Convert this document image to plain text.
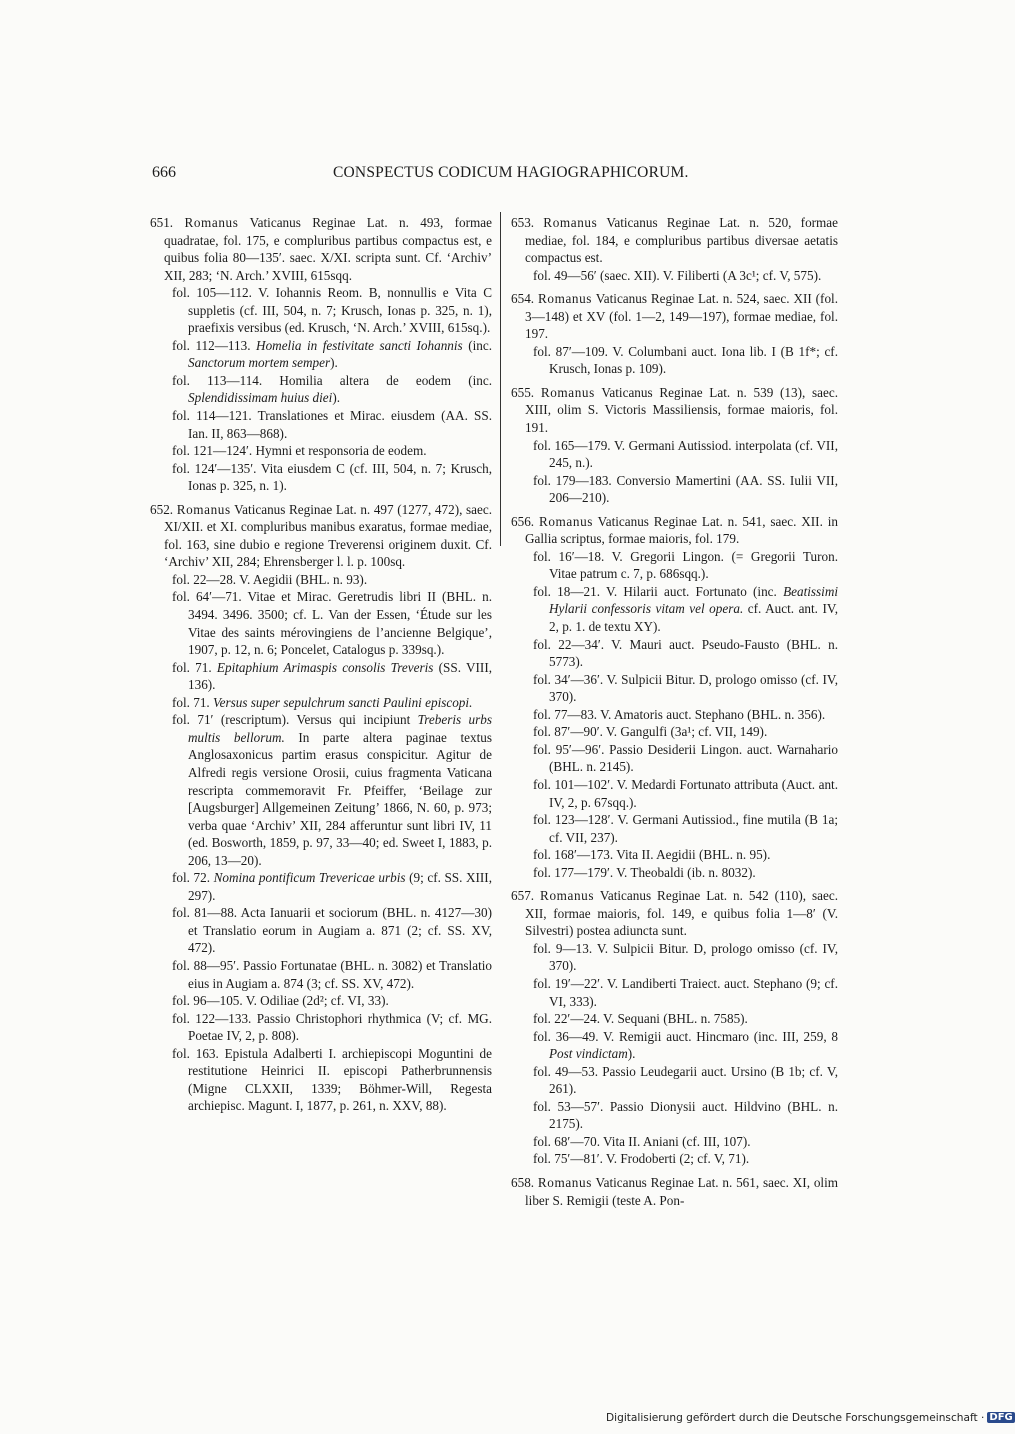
666	CONSPECTUS CODICUM HAGIOGRAPHICORUM.
651. Romanus Vaticanus Reginae Lat. n. 493, formae quadratae, fol. 175, e compluribus partibus compactus est, e quibus folia 80—135′. saec. X/XI. scripta sunt. Cf. ‘Archiv’ XII, 283; ‘N. Arch.’ XVIII, 615sqq.
fol. 105—112. V. Iohannis Reom. B, nonnullis e Vita C suppletis (cf. III, 504, n. 7; Krusch, Ionas p. 325, n. 1), praefixis versibus (ed. Krusch, ‘N. Arch.’ XVIII, 615sq.).
fol. 112—113. Homelia in festivitate sancti Iohannis (inc. Sanctorum mortem semper).
fol. 113—114. Homilia altera de eodem (inc. Splendidissimam huius diei).
fol. 114—121. Translationes et Mirac. eiusdem (AA. SS. Ian. II, 863—868).
fol. 121—124′. Hymni et responsoria de eodem.
fol. 124′—135′. Vita eiusdem C (cf. III, 504, n. 7; Krusch, Ionas p. 325, n. 1).
652. Romanus Vaticanus Reginae Lat. n. 497 (1277, 472), saec. XI/XII. et XI. compluribus manibus exaratus, formae mediae, fol. 163, sine dubio e regione Treverensi originem duxit. Cf. ‘Archiv’ XII, 284; Ehrensberger l. l. p. 100sq.
fol. 22—28. V. Aegidii (BHL. n. 93).
fol. 64′—71. Vitae et Mirac. Geretrudis libri II (BHL. n. 3494. 3496. 3500; cf. L. Van der Essen, ‘Étude sur les Vitae des saints mérovingiens de l’ancienne Belgique’, 1907, p. 12, n. 6; Poncelet, Catalogus p. 339sq.).
fol. 71. Epitaphium Arimaspis consolis Treveris (SS. VIII, 136).
fol. 71. Versus super sepulchrum sancti Paulini episcopi.
fol. 71′ (rescriptum). Versus qui incipiunt Treberis urbs multis bellorum. In parte altera paginae textus Anglosaxonicus partim erasus conspicitur. Agitur de Alfredi regis versione Orosii, cuius fragmenta Vaticana rescripta commemoravit Fr. Pfeiffer, ‘Beilage zur [Augsburger] Allgemeinen Zeitung’ 1866, N. 60, p. 973; verba quae ‘Archiv’ XII, 284 afferuntur sunt libri IV, 11 (ed. Bosworth, 1859, p. 97, 33—40; ed. Sweet I, 1883, p. 206, 13—20).
fol. 72. Nomina pontificum Trevericae urbis (9; cf. SS. XIII, 297).
fol. 81—88. Acta Ianuarii et sociorum (BHL. n. 4127—30) et Translatio eorum in Augiam a. 871 (2; cf. SS. XV, 472).
fol. 88—95′. Passio Fortunatae (BHL. n. 3082) et Translatio eius in Augiam a. 874 (3; cf. SS. XV, 472).
fol. 96—105. V. Odiliae (2d²; cf. VI, 33).
fol. 122—133. Passio Christophori rhythmica (V; cf. MG. Poetae IV, 2, p. 808).
fol. 163. Epistula Adalberti I. archiepiscopi Moguntini de restitutione Heinrici II. episcopi Patherbrunnensis (Migne CLXXII, 1339; Böhmer-Will, Regesta archiepisc. Magunt. I, 1877, p. 261, n. XXV, 88).
653. Romanus Vaticanus Reginae Lat. n. 520, formae mediae, fol. 184, e compluribus partibus diversae aetatis compactus est.
fol. 49—56′ (saec. XII). V. Filiberti (A 3c¹; cf. V, 575).
654. Romanus Vaticanus Reginae Lat. n. 524, saec. XII (fol. 3—148) et XV (fol. 1—2, 149—197), formae mediae, fol. 197.
fol. 87′—109. V. Columbani auct. Iona lib. I (B 1f*; cf. Krusch, Ionas p. 109).
655. Romanus Vaticanus Reginae Lat. n. 539 (13), saec. XIII, olim S. Victoris Massiliensis, formae maioris, fol. 191.
fol. 165—179. V. Germani Autissiod. interpolata (cf. VII, 245, n.).
fol. 179—183. Conversio Mamertini (AA. SS. Iulii VII, 206—210).
656. Romanus Vaticanus Reginae Lat. n. 541, saec. XII. in Gallia scriptus, formae maioris, fol. 179.
fol. 16′—18. V. Gregorii Lingon. (= Gregorii Turon. Vitae patrum c. 7, p. 686sqq.).
fol. 18—21. V. Hilarii auct. Fortunato (inc. Beatissimi Hylarii confessoris vitam vel opera. cf. Auct. ant. IV, 2, p. 1. de textu XY).
fol. 22—34′. V. Mauri auct. Pseudo-Fausto (BHL. n. 5773).
fol. 34′—36′. V. Sulpicii Bitur. D, prologo omisso (cf. IV, 370).
fol. 77—83. V. Amatoris auct. Stephano (BHL. n. 356).
fol. 87′—90′. V. Gangulfi (3a¹; cf. VII, 149).
fol. 95′—96′. Passio Desiderii Lingon. auct. Warnahario (BHL. n. 2145).
fol. 101—102′. V. Medardi Fortunato attributa (Auct. ant. IV, 2, p. 67sqq.).
fol. 123—128′. V. Germani Autissiod., fine mutila (B 1a; cf. VII, 237).
fol. 168′—173. Vita II. Aegidii (BHL. n. 95).
fol. 177—179′. V. Theobaldi (ib. n. 8032).
657. Romanus Vaticanus Reginae Lat. n. 542 (110), saec. XII, formae maioris, fol. 149, e quibus folia 1—8′ (V. Silvestri) postea adiuncta sunt.
fol. 9—13. V. Sulpicii Bitur. D, prologo omisso (cf. IV, 370).
fol. 19′—22′. V. Landiberti Traiect. auct. Stephano (9; cf. VI, 333).
fol. 22′—24. V. Sequani (BHL. n. 7585).
fol. 36—49. V. Remigii auct. Hincmaro (inc. III, 259, 8 Post vindictam).
fol. 49—53. Passio Leudegarii auct. Ursino (B 1b; cf. V, 261).
fol. 53—57′. Passio Dionysii auct. Hildvino (BHL. n. 2175).
fol. 68′—70. Vita II. Aniani (cf. III, 107).
fol. 75′—81′. V. Frodoberti (2; cf. V, 71).
658. Romanus Vaticanus Reginae Lat. n. 561, saec. XI, olim liber S. Remigii (teste A. Pon-
Digitalisierung gefördert durch die Deutsche Forschungsgemeinschaft · DFG
